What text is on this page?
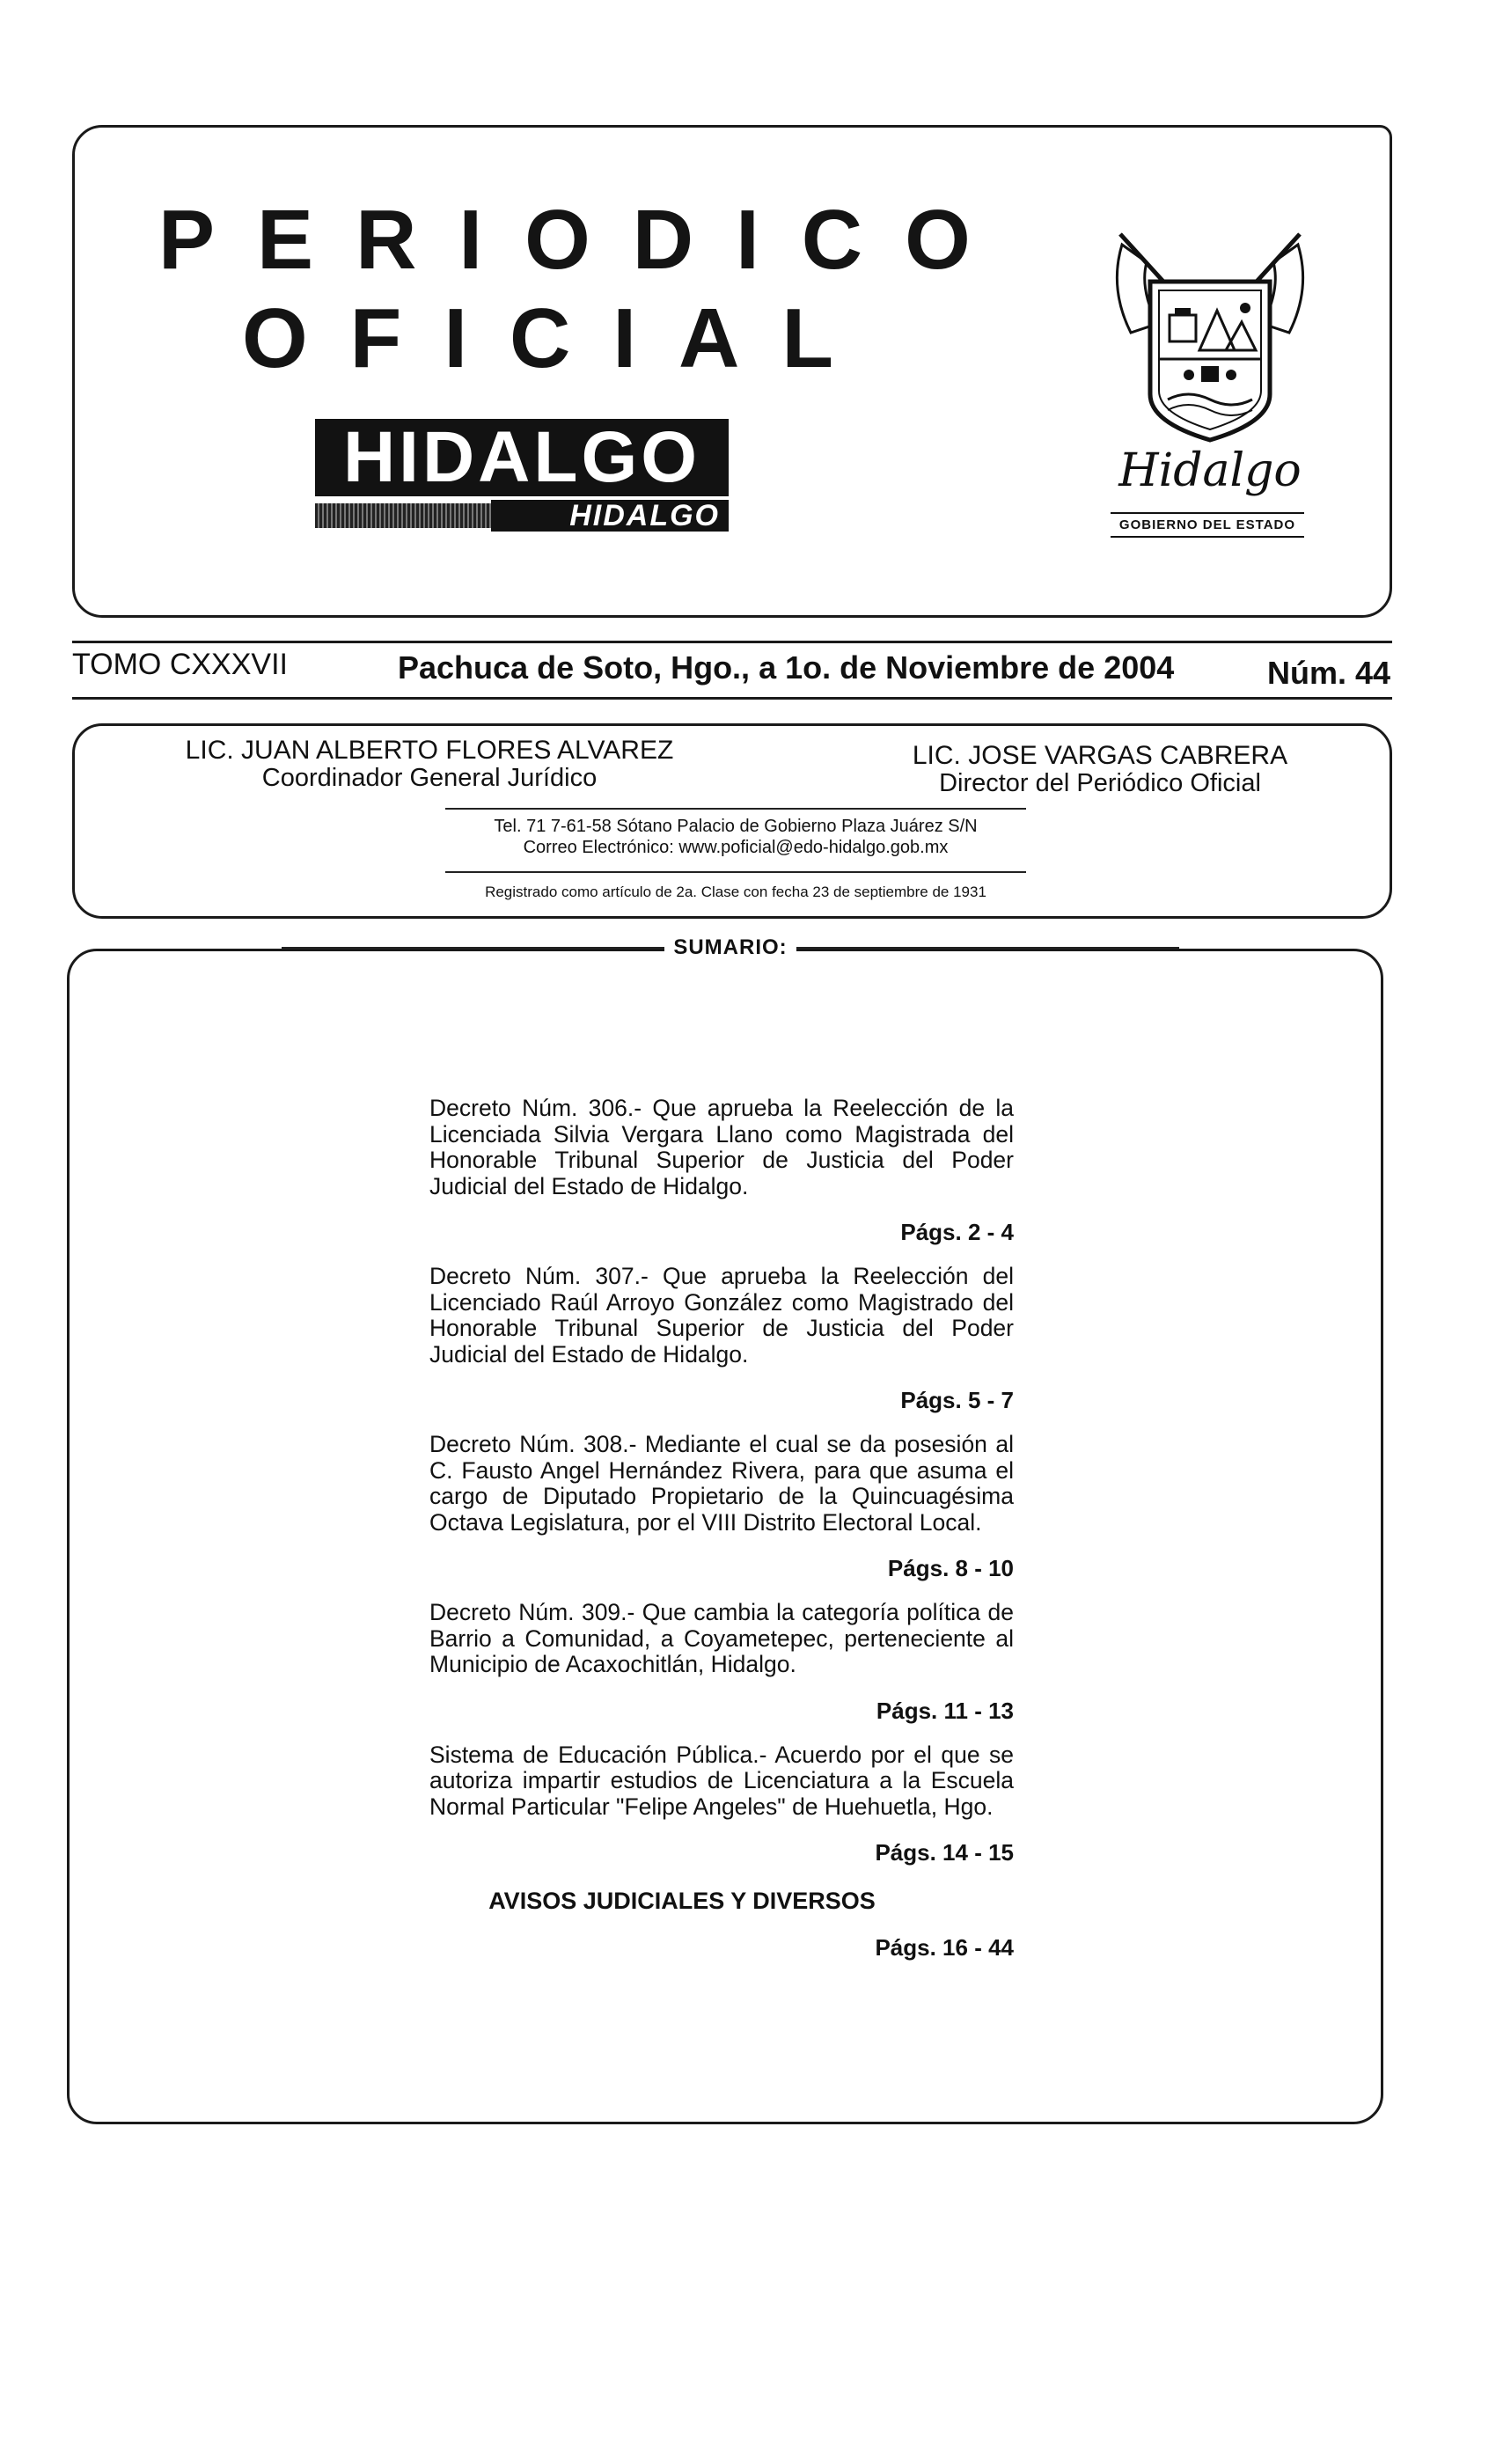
PERIODICO
OFICIAL
HIDALGO
HIDALGO
Hidalgo
GOBIERNO DEL ESTADO
TOMO CXXXVII	Pachuca de Soto, Hgo., a 1o. de Noviembre de 2004	Núm. 44
LIC. JUAN ALBERTO FLORES ALVAREZ
Coordinador General Jurídico
LIC. JOSE VARGAS CABRERA
Director del Periódico Oficial
Tel. 71 7-61-58 Sótano Palacio de Gobierno Plaza Juárez S/N
Correo Electrónico: www.poficial@edo-hidalgo.gob.mx
Registrado como artículo de 2a. Clase con fecha 23 de septiembre de 1931
SUMARIO:

Decreto Núm. 306.- Que aprueba la Reelección de la Licenciada Silvia Vergara Llano como Magistrada del Honorable Tribunal Superior de Justicia del Poder Judicial del Estado de Hidalgo.

Págs. 2 - 4

Decreto Núm. 307.- Que aprueba la Reelección del Licenciado Raúl Arroyo González como Magistrado del Honorable Tribunal Superior de Justicia del Poder Judicial del Estado de Hidalgo.

Págs. 5 - 7

Decreto Núm. 308.- Mediante el cual se da posesión al C. Fausto Angel Hernández Rivera, para que asuma el cargo de Diputado Propietario de la Quincuagésima Octava Legislatura, por el VIII Distrito Electoral Local.

Págs. 8 - 10

Decreto Núm. 309.- Que cambia la categoría política de Barrio a Comunidad, a Coyametepec, perteneciente al Municipio de Acaxochitlán, Hidalgo.

Págs. 11 - 13

Sistema de Educación Pública.- Acuerdo por el que se autoriza impartir estudios de Licenciatura a la Escuela Normal Particular "Felipe Angeles" de Huehuetla, Hgo.

Págs. 14 - 15
AVISOS JUDICIALES Y DIVERSOS
Págs. 16 - 44
